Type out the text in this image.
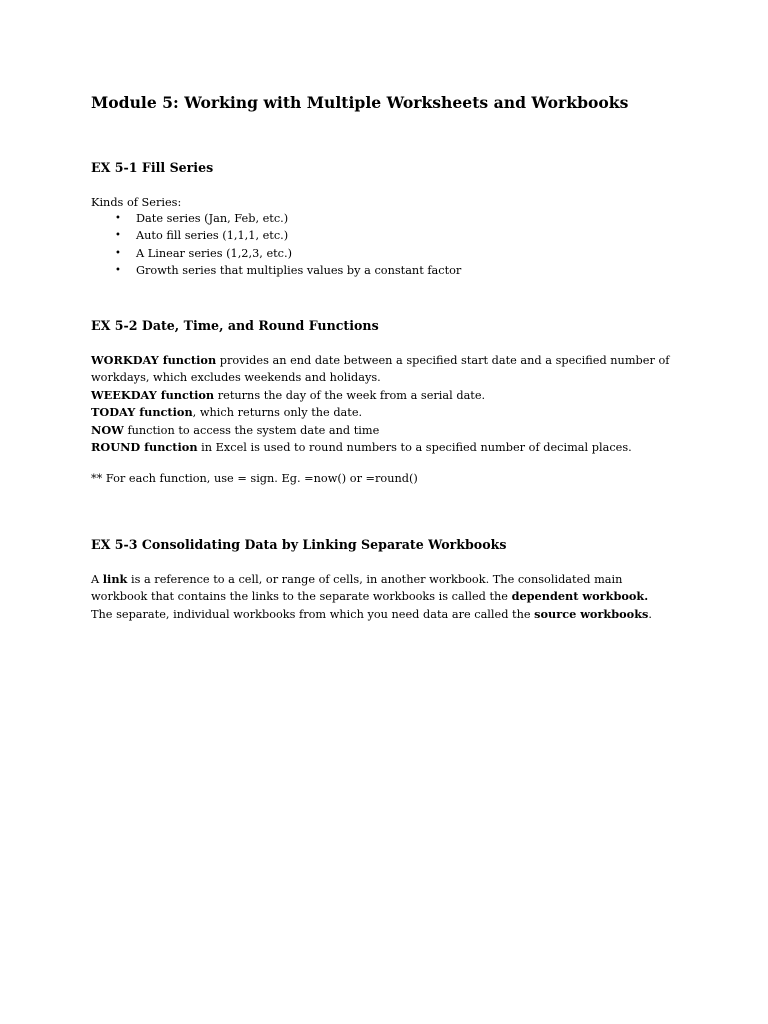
Module 5: Working with Multiple Worksheets and Workbooks
EX 5-1 Fill Series

Kinds of Series:

• Date series (Jan, Feb, etc.)
• Auto fill series (1,1,1, etc.)
• A Linear series (1,2,3, etc.)
• Growth series that multiplies values by a constant factor
EX 5-2 Date, Time, and Round Functions
WORKDAY function provides an end date between a specified start date and a specified number of
workdays, which excludes weekends and holidays.
WEEKDAY function returns the day of the week from a serial date.
TODAY function, which returns only the date.
NOW function to access the system date and time
ROUND function in Excel is used to round numbers to a specified number of decimal places.

** For each function, use = sign. Eg. =now() or =round()

EX 5-3 Consolidating Data by Linking Separate Workbooks
A link is a reference to a cell, or range of cells, in another workbook. The consolidated main
workbook that contains the links to the separate workbooks is called the dependent workbook.
The separate, individual workbooks from which you need data are called the source workbooks.
